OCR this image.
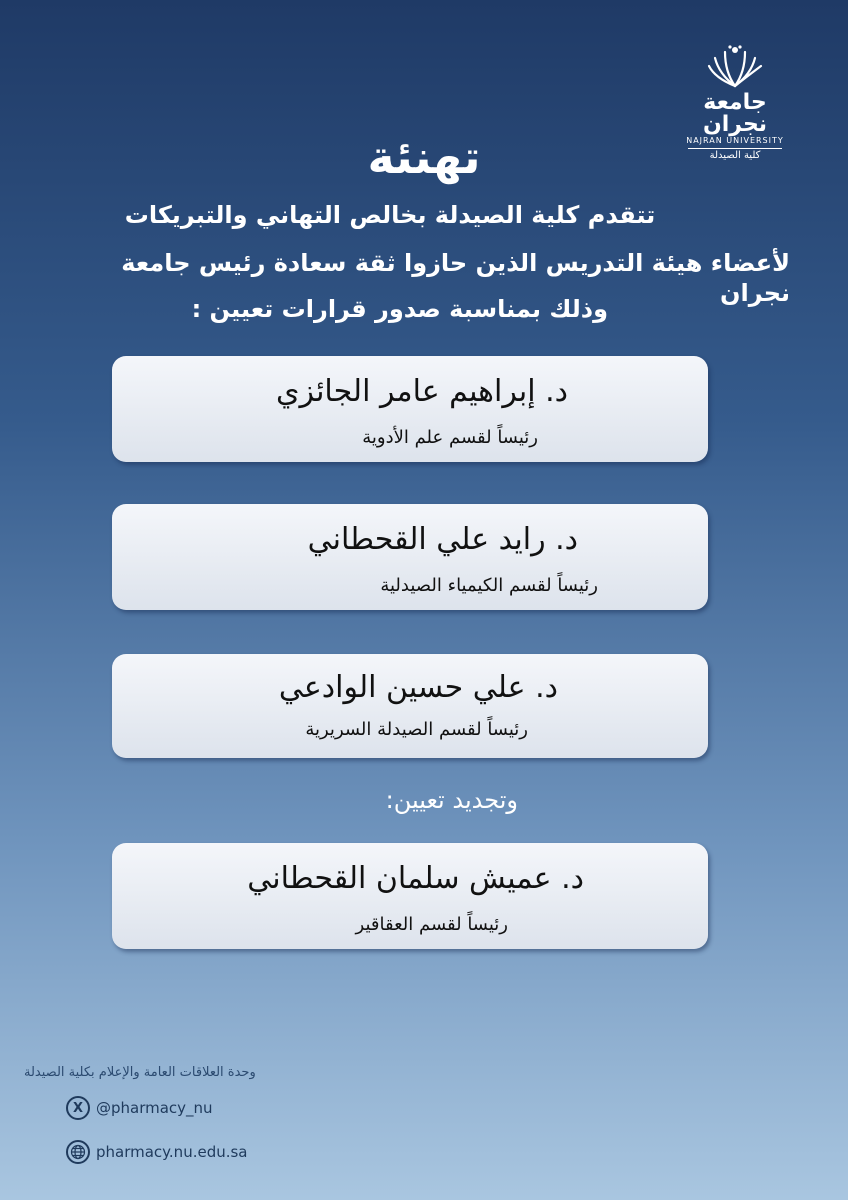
جامعة نجران
NAJRAN UNIVERSITY
كلية الصيدلة
تهنئة
تتقدم كلية الصيدلة بخالص التهاني والتبريكات
لأعضاء هيئة التدريس الذين حازوا ثقة سعادة رئيس جامعة نجران
وذلك بمناسبة صدور قرارات تعيين :
د. إبراهيم عامر الجائزي
رئيساً لقسم علم الأدوية
د. رايد علي القحطاني
رئيساً لقسم الكيمياء الصيدلية
د. علي حسين الوادعي
رئيساً لقسم الصيدلة السريرية
وتجديد تعيين:
د. عميش سلمان القحطاني
رئيساً لقسم العقاقير
وحدة العلاقات العامة والإعلام بكلية الصيدلة
X @pharmacy_nu
pharmacy.nu.edu.sa
